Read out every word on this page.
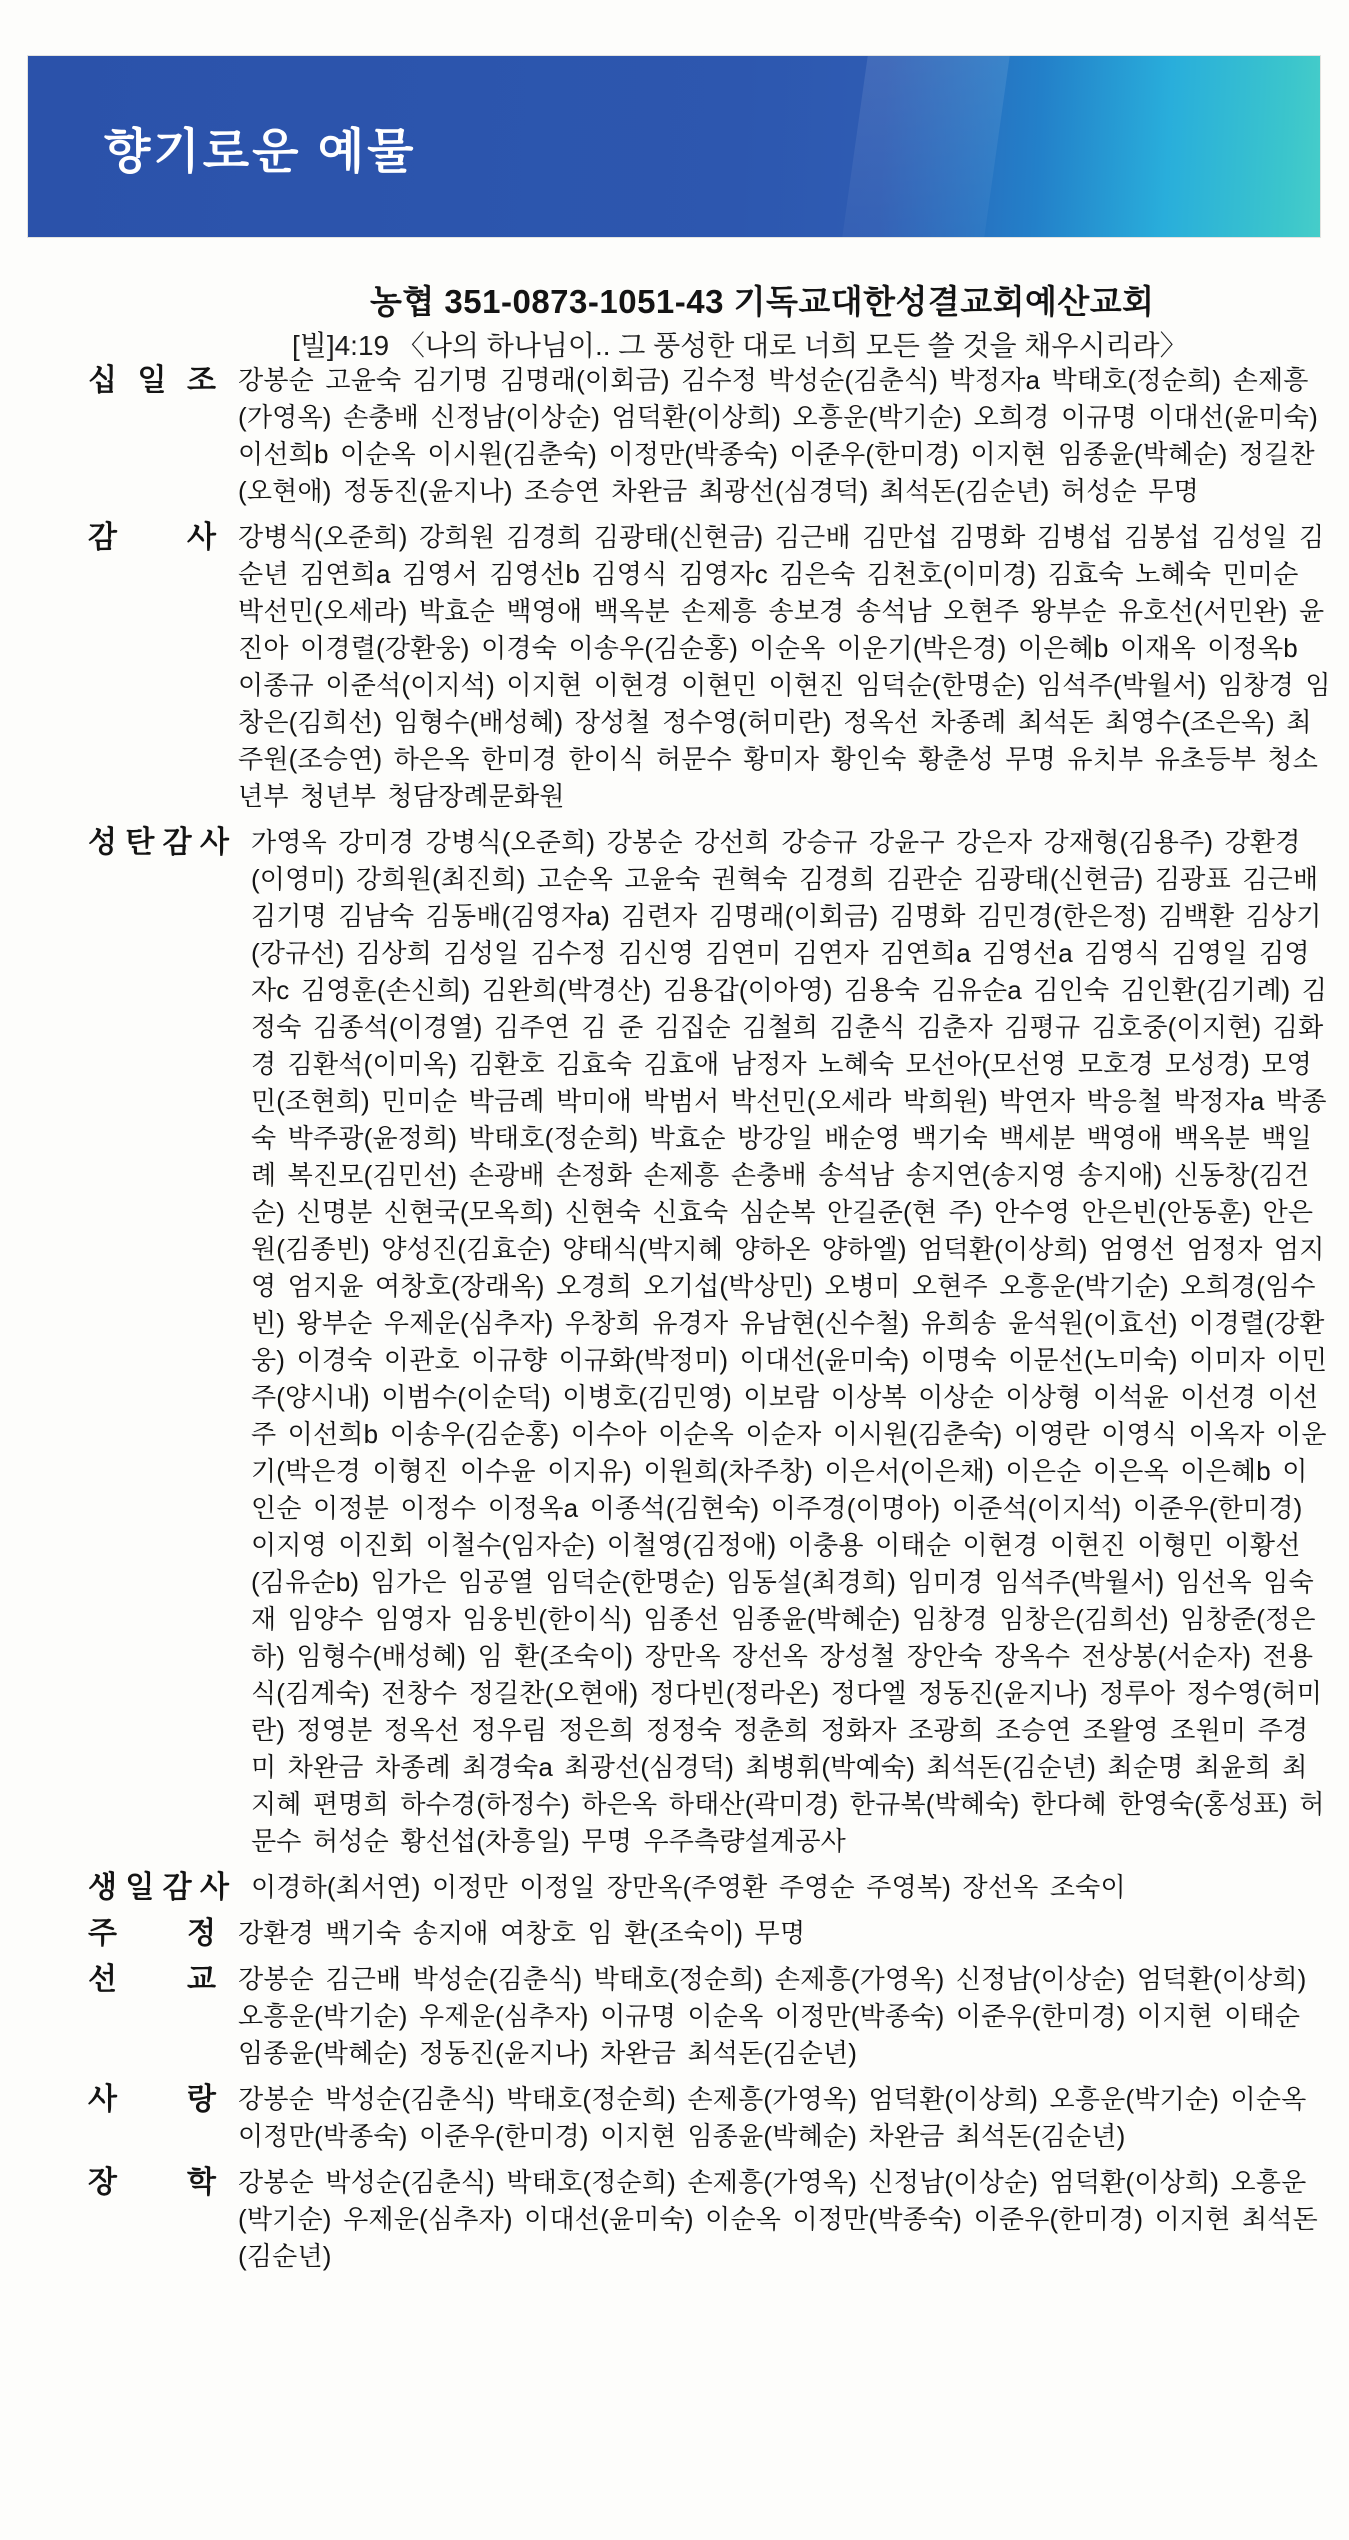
향기로운 예물
농협 351-0873-1051-43 기독교대한성결교회예산교회
[빌]4:19 〈나의 하나님이.. 그 풍성한 대로 너희 모든 쓸 것을 채우시리라〉
십 일 조 강봉순 고윤숙 김기명 김명래(이회금) 김수정 박성순(김춘식) 박정자a 박태호(정순희) 손제흥(가영옥) 손충배 신정남(이상순) 엄덕환(이상희) 오흥운(박기순) 오희경 이규명 이대선(윤미숙) 이선희b 이순옥 이시원(김춘숙) 이정만(박종숙) 이준우(한미경) 이지현 임종윤(박혜순) 정길찬(오현애) 정동진(윤지나) 조승연 차완금 최광선(심경덕) 최석돈(김순년) 허성순 무명
감 사 강병식(오준희) 강희원 김경희 김광태(신현금) 김근배 김만섭 김명화 김병섭 김봉섭 김성일 김순년 김연희a 김영서 김영선b 김영식 김영자c 김은숙 김천호(이미경) 김효숙 노혜숙 민미순 박선민(오세라) 박효순 백영애 백옥분 손제흥 송보경 송석남 오현주 왕부순 유호선(서민완) 윤진아 이경렬(강환웅) 이경숙 이송우(김순홍) 이순옥 이운기(박은경) 이은혜b 이재옥 이정옥b 이종규 이준석(이지석) 이지현 이현경 이현민 이현진 임덕순(한명순) 임석주(박월서) 임창경 임창은(김희선) 임형수(배성혜) 장성철 정수영(허미란) 정옥선 차종례 최석돈 최영수(조은옥) 최주원(조승연) 하은옥 한미경 한이식 허문수 황미자 황인숙 황춘성 무명 유치부 유초등부 청소년부 청년부 청담장례문화원
성 탄 감 사 가영옥 강미경 강병식(오준희) 강봉순 강선희 강승규 강윤구 강은자 강재형(김용주) 강환경(이영미) 강희원(최진희) 고순옥 고윤숙 권혁숙 김경희 김관순 김광태(신현금) 김광표 김근배 김기명 김남숙 김동배(김영자a) 김련자 김명래(이회금) 김명화 김민경(한은정) 김백환 김상기(강규선) 김상희 김성일 김수정 김신영 김연미 김연자 김연희a 김영선a 김영식 김영일 김영자c 김영훈(손신희) 김완희(박경산) 김용갑(이아영) 김용숙 김유순a 김인숙 김인환(김기례) 김정숙 김종석(이경열) 김주연 김 준 김집순 김철희 김춘식 김춘자 김평규 김호중(이지현) 김화경 김환석(이미옥) 김환호 김효숙 김효애 남정자 노혜숙 모선아(모선영 모호경 모성경) 모영민(조현희) 민미순 박금례 박미애 박범서 박선민(오세라 박희원) 박연자 박응철 박정자a 박종숙 박주광(윤정희) 박태호(정순희) 박효순 방강일 배순영 백기숙 백세분 백영애 백옥분 백일례 복진모(김민선) 손광배 손정화 손제흥 손충배 송석남 송지연(송지영 송지애) 신동창(김건순) 신명분 신현국(모옥희) 신현숙 신효숙 심순복 안길준(현 주) 안수영 안은빈(안동훈) 안은원(김종빈) 양성진(김효순) 양태식(박지혜 양하온 양하엘) 엄덕환(이상희) 엄영선 엄정자 엄지영 엄지윤 여창호(장래옥) 오경희 오기섭(박상민) 오병미 오현주 오흥운(박기순) 오희경(임수빈) 왕부순 우제운(심추자) 우창희 유경자 유남현(신수철) 유희송 윤석원(이효선) 이경렬(강환웅) 이경숙 이관호 이규향 이규화(박정미) 이대선(윤미숙) 이명숙 이문선(노미숙) 이미자 이민주(양시내) 이범수(이순덕) 이병호(김민영) 이보람 이상복 이상순 이상형 이석윤 이선경 이선주 이선희b 이송우(김순홍) 이수아 이순옥 이순자 이시원(김춘숙) 이영란 이영식 이옥자 이운기(박은경 이형진 이수윤 이지유) 이원희(차주창) 이은서(이은채) 이은순 이은옥 이은혜b 이인순 이정분 이정수 이정옥a 이종석(김현숙) 이주경(이명아) 이준석(이지석) 이준우(한미경) 이지영 이진회 이철수(임자순) 이철영(김정애) 이충용 이태순 이현경 이현진 이형민 이황선(김유순b) 임가은 임공열 임덕순(한명순) 임동설(최경희) 임미경 임석주(박월서) 임선옥 임숙재 임양수 임영자 임웅빈(한이식) 임종선 임종윤(박혜순) 임창경 임창은(김희선) 임창준(정은하) 임형수(배성혜) 임 환(조숙이) 장만옥 장선옥 장성철 장안숙 장옥수 전상봉(서순자) 전용식(김계숙) 전창수 정길찬(오현애) 정다빈(정라온) 정다엘 정동진(윤지나) 정루아 정수영(허미란) 정영분 정옥선 정우림 정은희 정정숙 정춘희 정화자 조광희 조승연 조왈영 조원미 주경미 차완금 차종례 최경숙a 최광선(심경덕) 최병휘(박예숙) 최석돈(김순년) 최순명 최윤희 최지혜 편명희 하수경(하정수) 하은옥 하태산(곽미경) 한규복(박혜숙) 한다혜 한영숙(홍성표) 허문수 허성순 황선섭(차흥일) 무명 우주측량설계공사
생 일 감 사 이경하(최서연) 이정만 이정일 장만옥(주영환 주영순 주영복) 장선옥 조숙이
주 정 강환경 백기숙 송지애 여창호 임 환(조숙이) 무명
선 교 강봉순 김근배 박성순(김춘식) 박태호(정순희) 손제흥(가영옥) 신정남(이상순) 엄덕환(이상희) 오흥운(박기순) 우제운(심추자) 이규명 이순옥 이정만(박종숙) 이준우(한미경) 이지현 이태순 임종윤(박혜순) 정동진(윤지나) 차완금 최석돈(김순년)
사 랑 강봉순 박성순(김춘식) 박태호(정순희) 손제흥(가영옥) 엄덕환(이상희) 오흥운(박기순) 이순옥 이정만(박종숙) 이준우(한미경) 이지현 임종윤(박혜순) 차완금 최석돈(김순년)
장 학 강봉순 박성순(김춘식) 박태호(정순희) 손제흥(가영옥) 신정남(이상순) 엄덕환(이상희) 오흥운(박기순) 우제운(심추자) 이대선(윤미숙) 이순옥 이정만(박종숙) 이준우(한미경) 이지현 최석돈(김순년)
